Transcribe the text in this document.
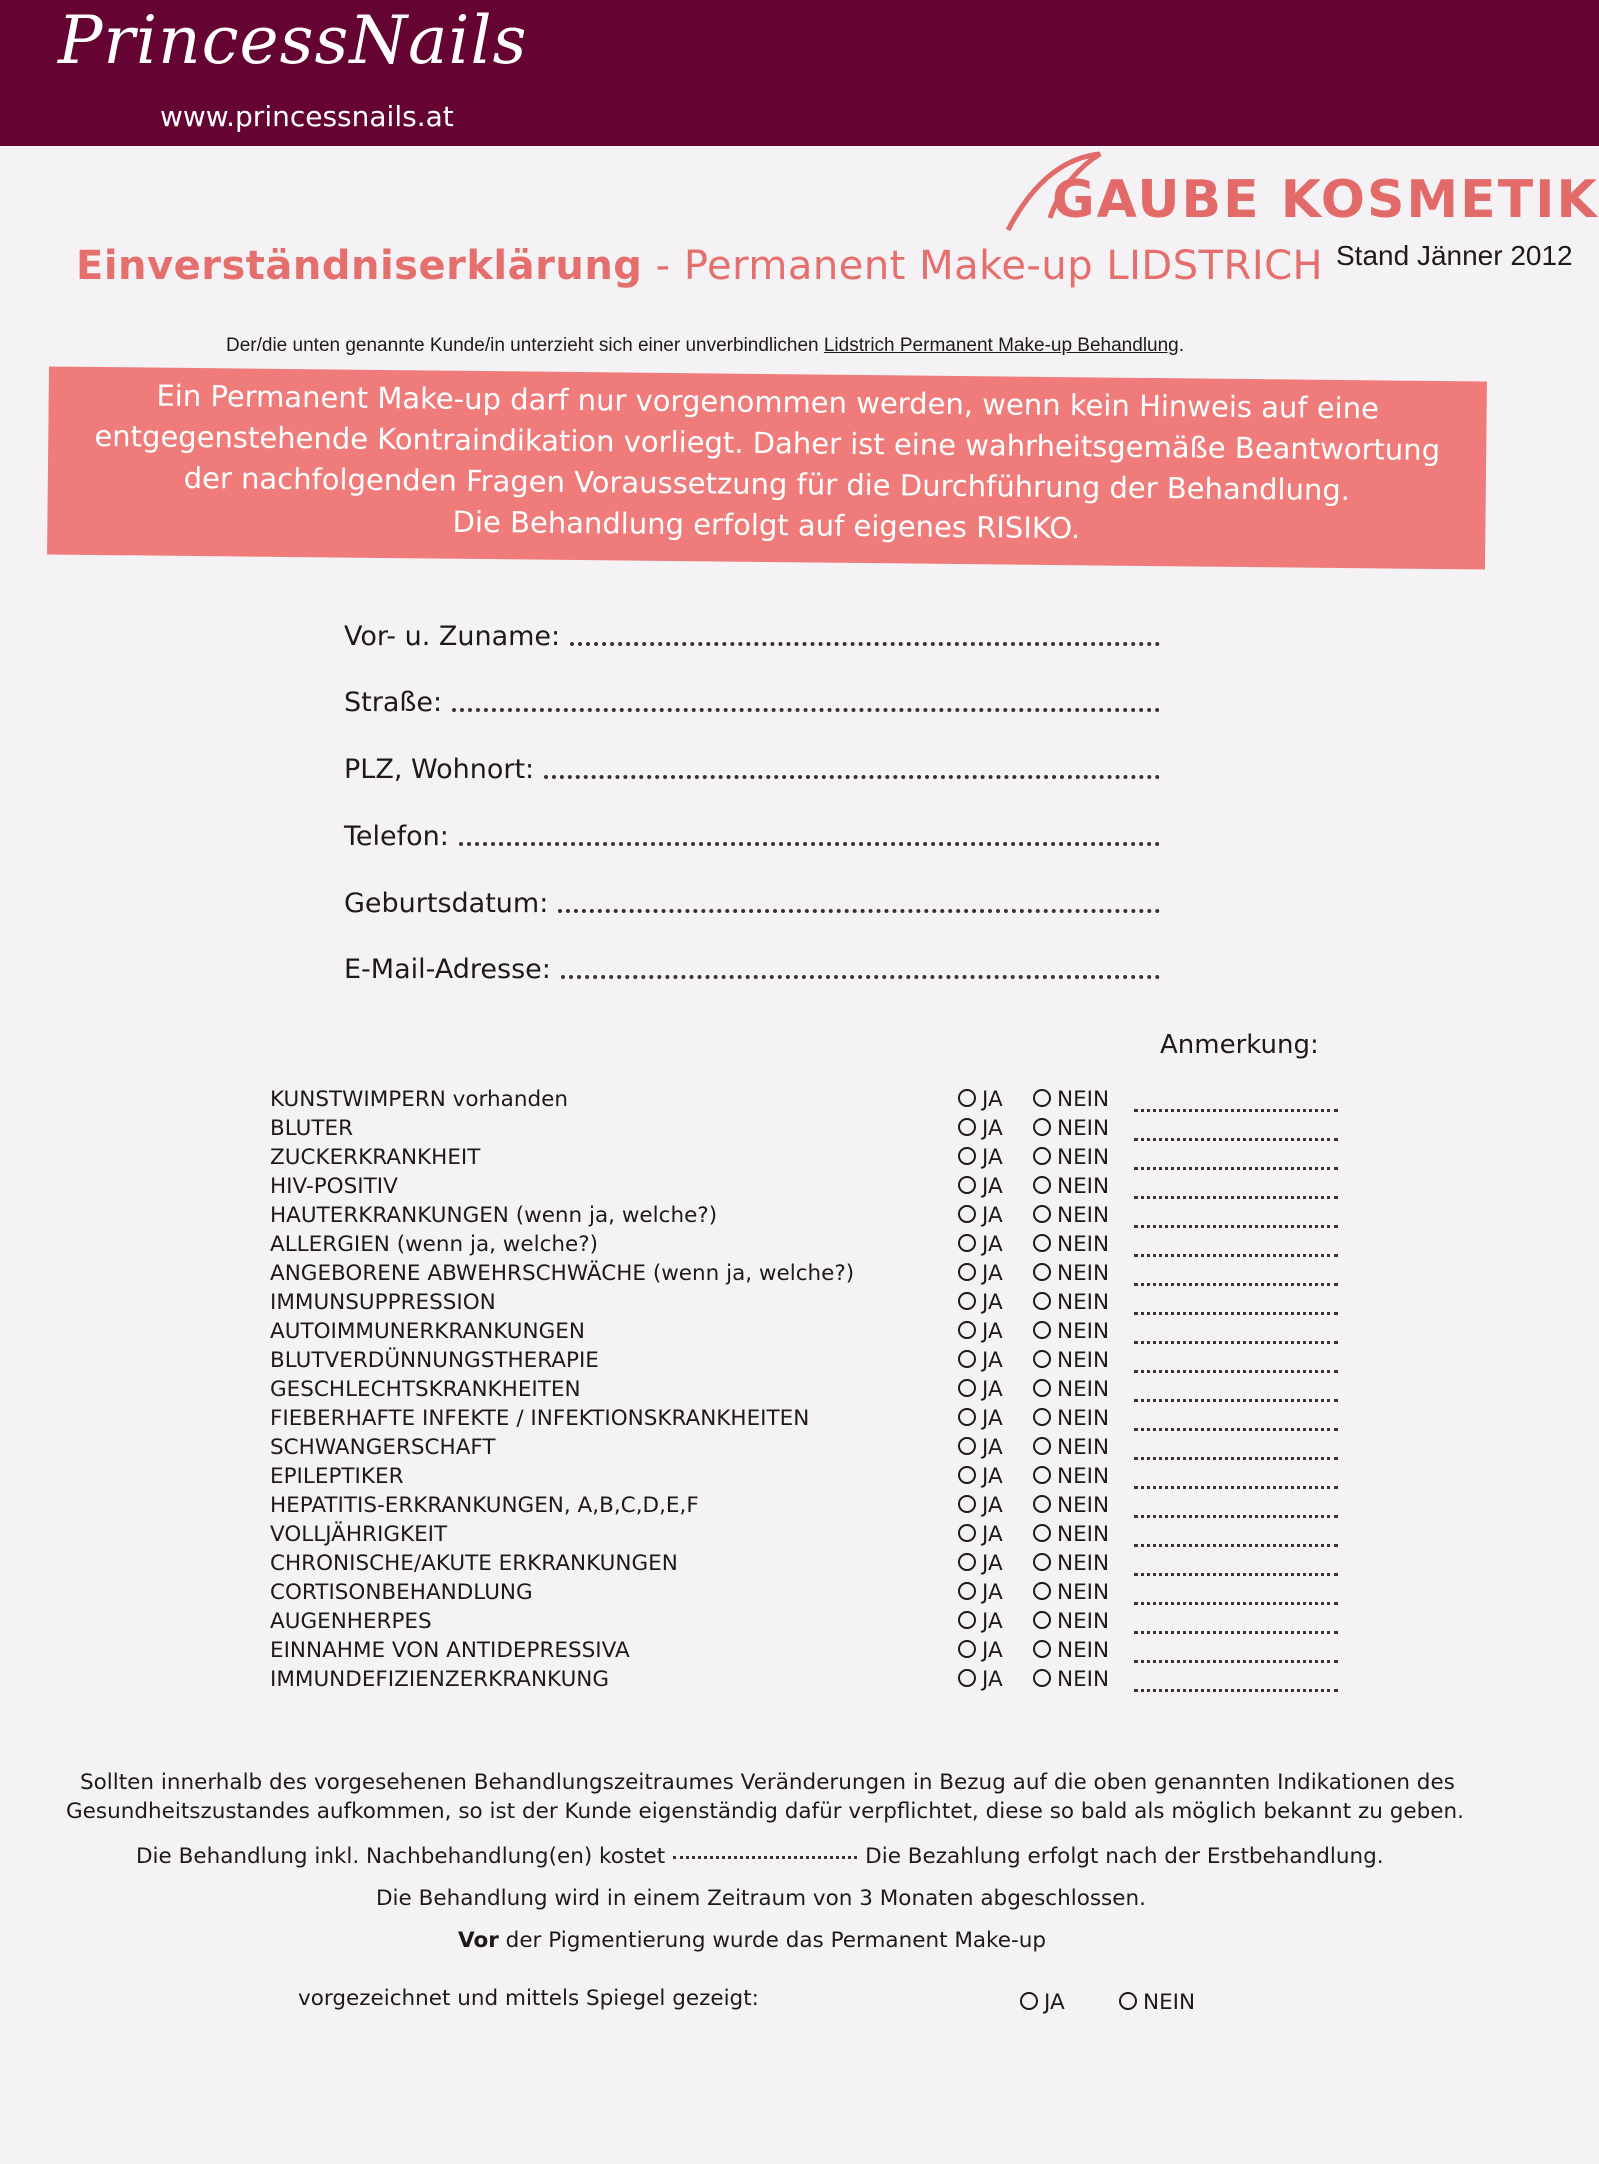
PrincessNails
www.princessnails.at
GAUBE KOSMETIK
Einverständniserklärung - Permanent Make-up LIDSTRICH Stand Jänner 2012
Der/die unten genannte Kunde/in unterzieht sich einer unverbindlichen Lidstrich Permanent Make-up Behandlung.
Ein Permanent Make-up darf nur vorgenommen werden, wenn kein Hinweis auf eine
entgegenstehende Kontraindikation vorliegt. Daher ist eine wahrheitsgemäße Beantwortung
der nachfolgenden Fragen Voraussetzung für die Durchführung der Behandlung.
Die Behandlung erfolgt auf eigenes RISIKO.
Vor- u. Zuname:
Straße:
PLZ, Wohnort:
Telefon:
Geburtsdatum:
E-Mail-Adresse:
Anmerkung:
KUNSTWIMPERN vorhanden	JA	NEIN
BLUTER	JA	NEIN
ZUCKERKRANKHEIT	JA	NEIN
HIV-POSITIV	JA	NEIN
HAUTERKRANKUNGEN (wenn ja, welche?)	JA	NEIN
ALLERGIEN (wenn ja, welche?)	JA	NEIN
ANGEBORENE ABWEHRSCHWÄCHE (wenn ja, welche?)	JA	NEIN
IMMUNSUPPRESSION	JA	NEIN
AUTOIMMUNERKRANKUNGEN	JA	NEIN
BLUTVERDÜNNUNGSTHERAPIE	JA	NEIN
GESCHLECHTSKRANKHEITEN	JA	NEIN
FIEBERHAFTE INFEKTE / INFEKTIONSKRANKHEITEN	JA	NEIN
SCHWANGERSCHAFT	JA	NEIN
EPILEPTIKER	JA	NEIN
HEPATITIS-ERKRANKUNGEN, A,B,C,D,E,F	JA	NEIN
VOLLJÄHRIGKEIT	JA	NEIN
CHRONISCHE/AKUTE ERKRANKUNGEN	JA	NEIN
CORTISONBEHANDLUNG	JA	NEIN
AUGENHERPES	JA	NEIN
EINNAHME VON ANTIDEPRESSIVA	JA	NEIN
IMMUNDEFIZIENZERKRANKUNG	JA	NEIN
Sollten innerhalb des vorgesehenen Behandlungszeitraumes Veränderungen in Bezug auf die oben genannten Indikationen des
Gesundheitszustandes aufkommen, so ist der Kunde eigenständig dafür verpflichtet, diese so bald als möglich bekannt zu geben.
Die Behandlung inkl. Nachbehandlung(en) kostet	Die Bezahlung erfolgt nach der Erstbehandlung.
Die Behandlung wird in einem Zeitraum von 3 Monaten abgeschlossen.
Vor der Pigmentierung wurde das Permanent Make-up
vorgezeichnet und mittels Spiegel gezeigt:	JA	NEIN
